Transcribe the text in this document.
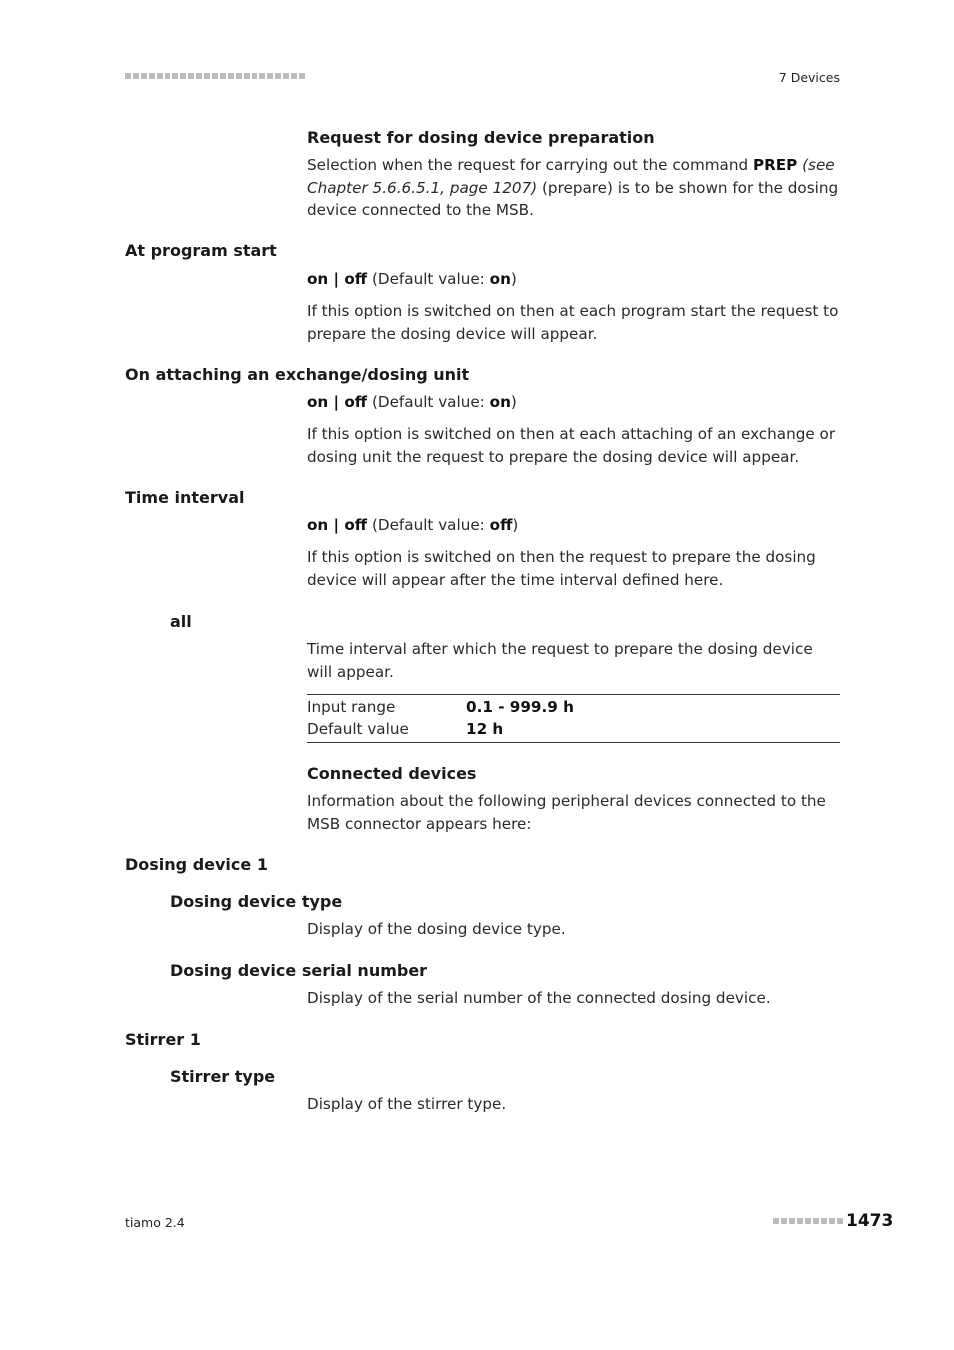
7 Devices
Request for dosing device preparation
Selection when the request for carrying out the command PREP (see Chapter 5.6.6.5.1, page 1207) (prepare) is to be shown for the dosing device connected to the MSB.
At program start
on | off (Default value: on)
If this option is switched on then at each program start the request to prepare the dosing device will appear.
On attaching an exchange/dosing unit
on | off (Default value: on)
If this option is switched on then at each attaching of an exchange or dosing unit the request to prepare the dosing device will appear.
Time interval
on | off (Default value: off)
If this option is switched on then the request to prepare the dosing device will appear after the time interval defined here.
all
Time interval after which the request to prepare the dosing device will appear.
Input range	0.1 - 999.9 h
Default value	12 h
Connected devices
Information about the following peripheral devices connected to the MSB connector appears here:
Dosing device 1
Dosing device type
Display of the dosing device type.
Dosing device serial number
Display of the serial number of the connected dosing device.
Stirrer 1
Stirrer type
Display of the stirrer type.
tiamo 2.4	1473
